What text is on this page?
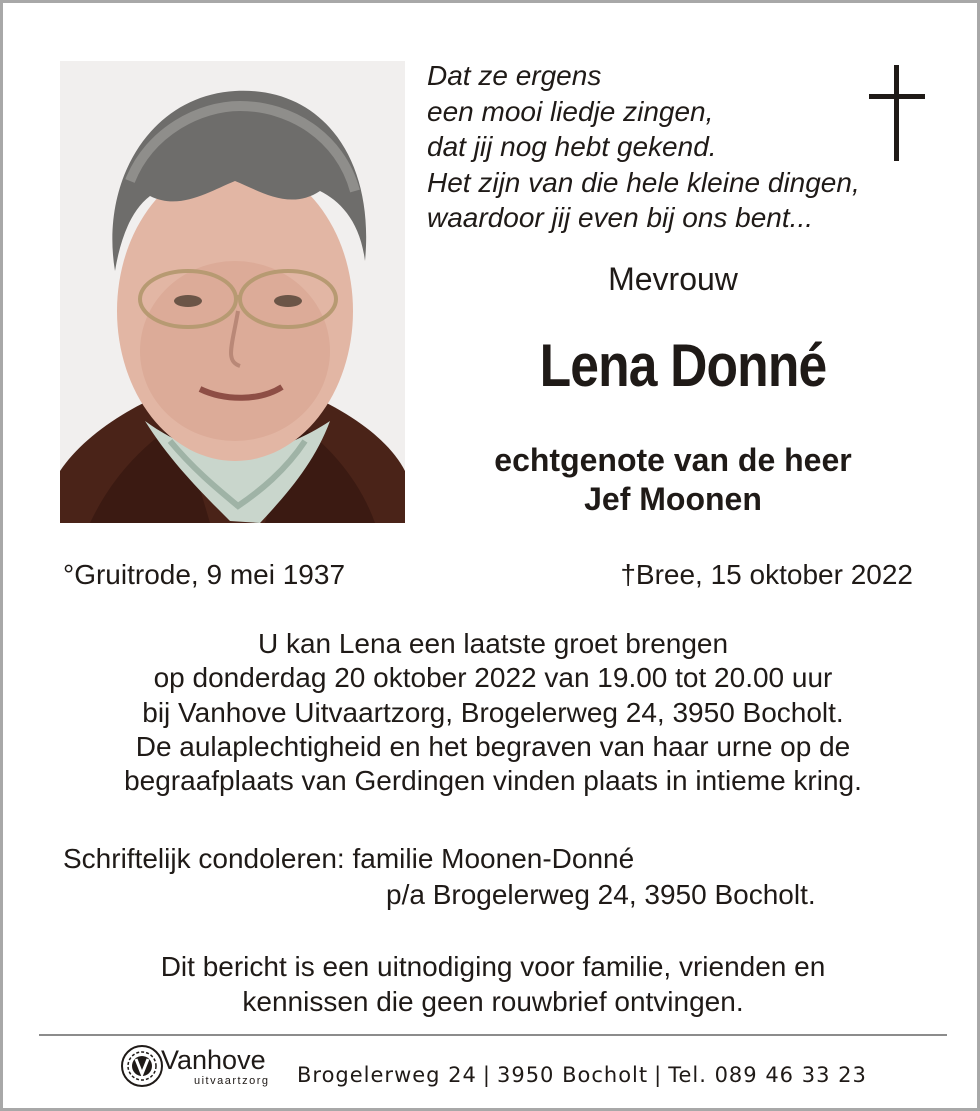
Dat ze ergens
een mooi liedje zingen,
dat jij nog hebt gekend.
Het zijn van die hele kleine dingen,
waardoor jij even bij ons bent...
Mevrouw
Lena Donné
echtgenote van de heer
Jef Moonen
°Gruitrode, 9 mei 1937	†Bree, 15 oktober 2022
U kan Lena een laatste groet brengen
op donderdag 20 oktober 2022 van 19.00 tot 20.00 uur
bij Vanhove Uitvaartzorg, Brogelerweg 24, 3950 Bocholt.
De aulaplechtigheid en het begraven van haar urne op de
begraafplaats van Gerdingen vinden plaats in intieme kring.
Schriftelijk condoleren: familie Moonen-Donné
p/a Brogelerweg 24, 3950 Bocholt.
Dit bericht is een uitnodiging voor familie, vrienden en
kennissen die geen rouwbrief ontvingen.
Vanhove
uitvaartzorg Brogelerweg 24 | 3950 Bocholt | Tel. 089 46 33 23
